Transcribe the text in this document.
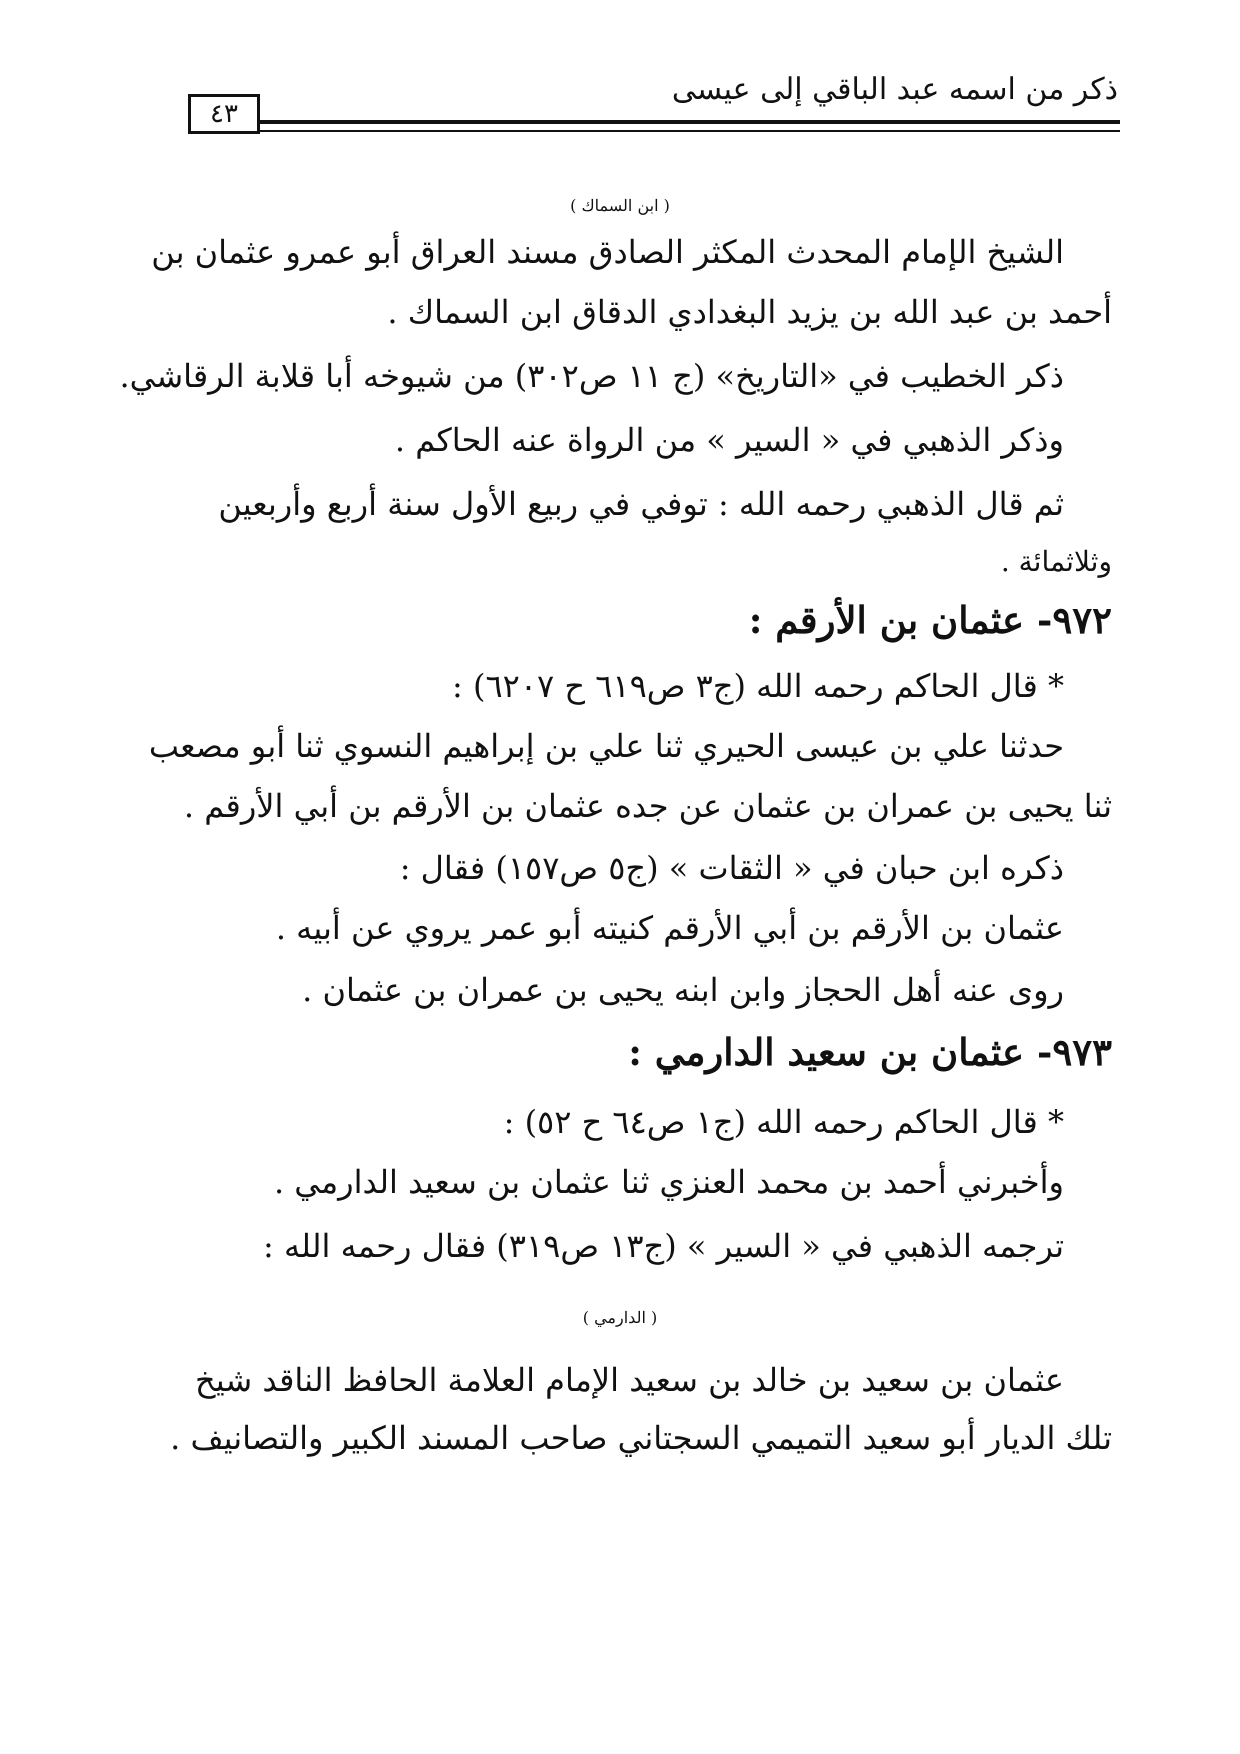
ذكر من اسمه عبد الباقي إلى عيسى
٤٣
( ابن السماك )
الشيخ الإمام المحدث المكثر الصادق مسند العراق أبو عمرو عثمان بن
أحمد بن عبد الله بن يزيد البغدادي الدقاق ابن السماك .
ذكر الخطيب في «التاريخ» (ج ١١ ص٣٠٢) من شيوخه أبا قلابة الرقاشي.
وذكر الذهبي في « السير » من الرواة عنه الحاكم .
ثم قال الذهبي رحمه الله : توفي في ربيع الأول سنة أربع وأربعين
وثلاثمائة .
٩٧٢- عثمان بن الأرقم :
* قال الحاكم رحمه الله (ج٣ ص٦١٩ ح ٦٢٠٧) :
حدثنا علي بن عيسى الحيري ثنا علي بن إبراهيم النسوي ثنا أبو مصعب
ثنا يحيى بن عمران بن عثمان عن جده عثمان بن الأرقم بن أبي الأرقم .
ذكره ابن حبان في « الثقات » (ج٥ ص١٥٧) فقال :
عثمان بن الأرقم بن أبي الأرقم كنيته أبو عمر يروي عن أبيه .
روى عنه أهل الحجاز وابن ابنه يحيى بن عمران بن عثمان .
٩٧٣- عثمان بن سعيد الدارمي :
* قال الحاكم رحمه الله (ج١ ص٦٤ ح ٥٢) :
وأخبرني أحمد بن محمد العنزي ثنا عثمان بن سعيد الدارمي .
ترجمه الذهبي في « السير » (ج١٣ ص٣١٩) فقال رحمه الله :
( الدارمي )
عثمان بن سعيد بن خالد بن سعيد الإمام العلامة الحافظ الناقد شيخ
تلك الديار أبو سعيد التميمي السجتاني صاحب المسند الكبير والتصانيف .
